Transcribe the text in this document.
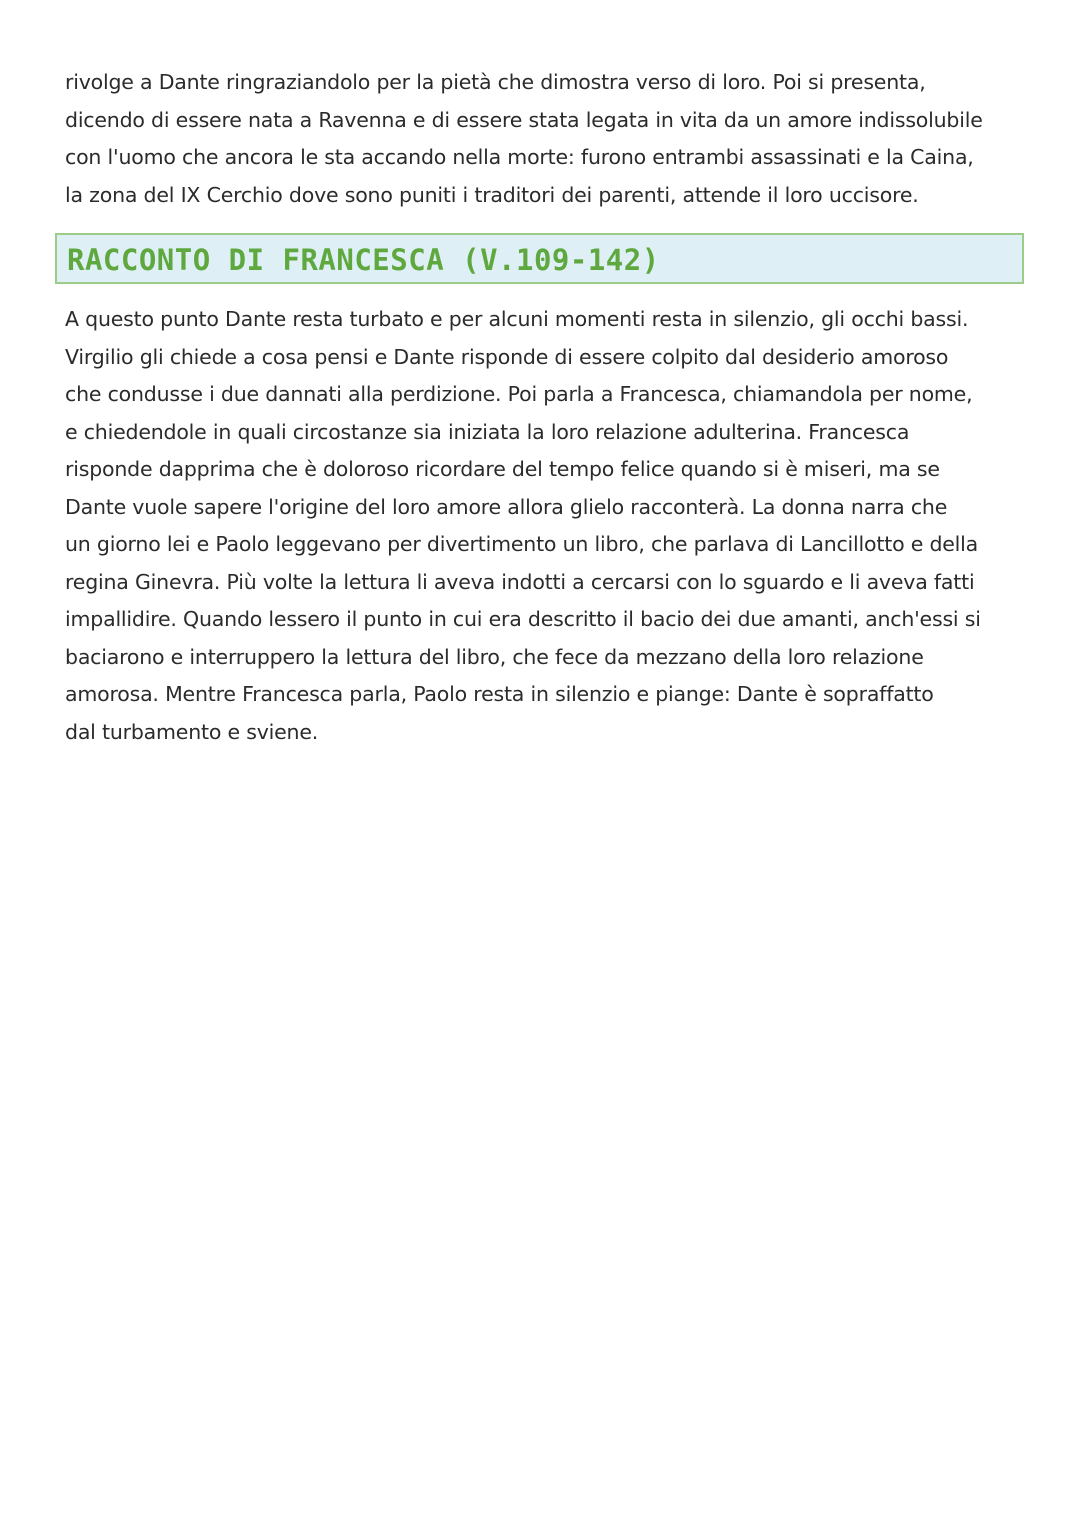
rivolge a Dante ringraziandolo per la pietà che dimostra verso di loro. Poi si presenta,
dicendo di essere nata a Ravenna e di essere stata legata in vita da un amore indissolubile
con l'uomo che ancora le sta accando nella morte: furono entrambi assassinati e la Caina,
la zona del IX Cerchio dove sono puniti i traditori dei parenti, attende il loro uccisore.
RACCONTO DI FRANCESCA (V.109-142)
A questo punto Dante resta turbato e per alcuni momenti resta in silenzio, gli occhi bassi.
Virgilio gli chiede a cosa pensi e Dante risponde di essere colpito dal desiderio amoroso
che condusse i due dannati alla perdizione. Poi parla a Francesca, chiamandola per nome,
e chiedendole in quali circostanze sia iniziata la loro relazione adulterina. Francesca
risponde dapprima che è doloroso ricordare del tempo felice quando si è miseri, ma se
Dante vuole sapere l'origine del loro amore allora glielo racconterà. La donna narra che
un giorno lei e Paolo leggevano per divertimento un libro, che parlava di Lancillotto e della
regina Ginevra. Più volte la lettura li aveva indotti a cercarsi con lo sguardo e li aveva fatti
impallidire. Quando lessero il punto in cui era descritto il bacio dei due amanti, anch'essi si
baciarono e interruppero la lettura del libro, che fece da mezzano della loro relazione
amorosa. Mentre Francesca parla, Paolo resta in silenzio e piange: Dante è sopraffatto
dal turbamento e sviene.
